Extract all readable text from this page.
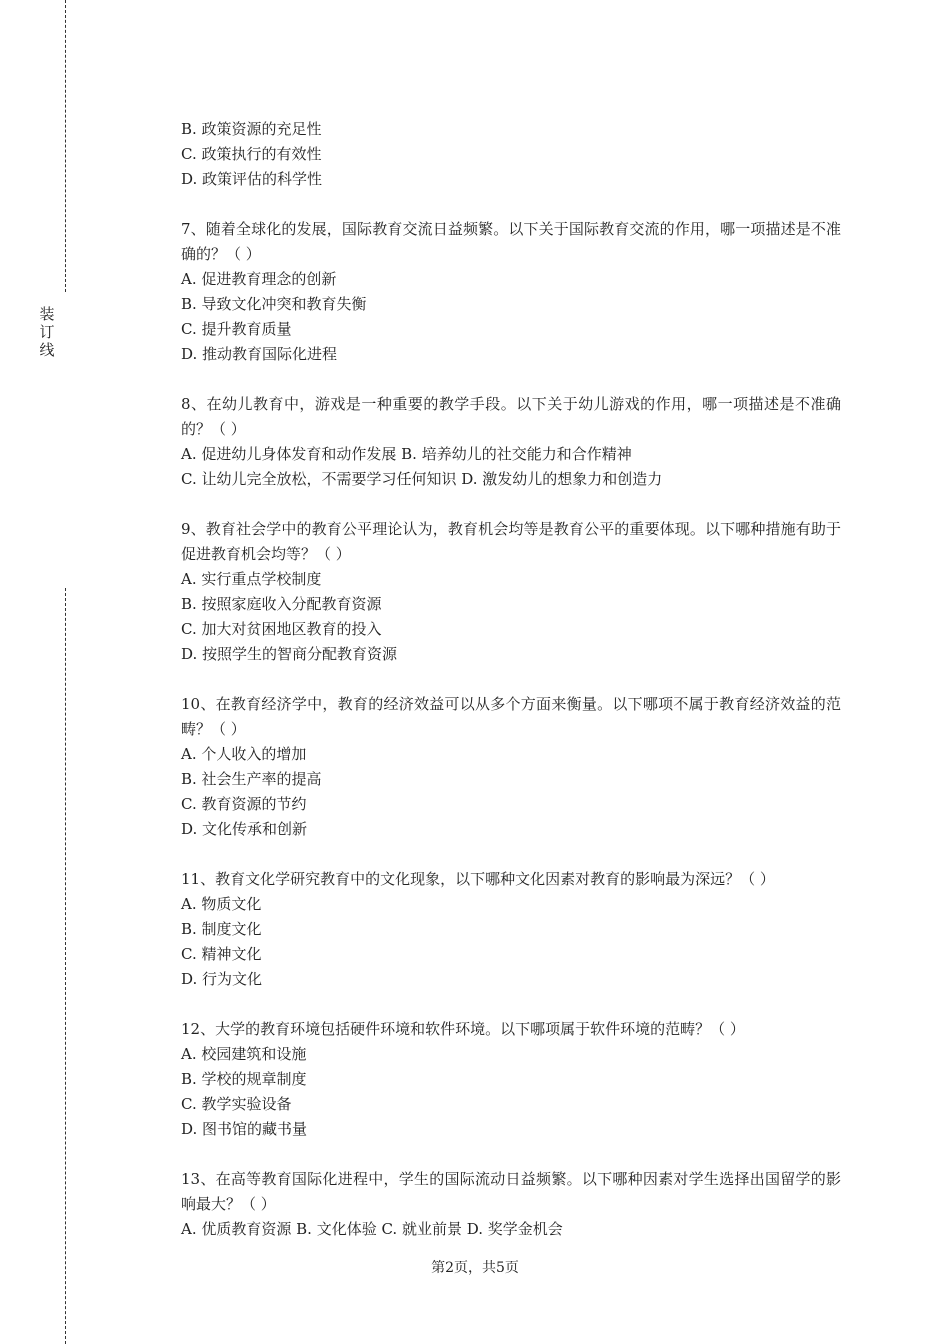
装
订
线
B. 政策资源的充足性
C. 政策执行的有效性
D. 政策评估的科学性
7、随着全球化的发展，国际教育交流日益频繁。以下关于国际教育交流的作用，哪一项描述是不准确的？（ ）
A. 促进教育理念的创新
B. 导致文化冲突和教育失衡
C. 提升教育质量
D. 推动教育国际化进程
8、在幼儿教育中，游戏是一种重要的教学手段。以下关于幼儿游戏的作用，哪一项描述是不准确的？（ ）
A. 促进幼儿身体发育和动作发展 B. 培养幼儿的社交能力和合作精神
C. 让幼儿完全放松，不需要学习任何知识 D. 激发幼儿的想象力和创造力
9、教育社会学中的教育公平理论认为，教育机会均等是教育公平的重要体现。以下哪种措施有助于促进教育机会均等？（ ）
A. 实行重点学校制度
B. 按照家庭收入分配教育资源
C. 加大对贫困地区教育的投入
D. 按照学生的智商分配教育资源
10、在教育经济学中，教育的经济效益可以从多个方面来衡量。以下哪项不属于教育经济效益的范畴？（ ）
A. 个人收入的增加
B. 社会生产率的提高
C. 教育资源的节约
D. 文化传承和创新
11、教育文化学研究教育中的文化现象，以下哪种文化因素对教育的影响最为深远？（ ）
A. 物质文化
B. 制度文化
C. 精神文化
D. 行为文化
12、大学的教育环境包括硬件环境和软件环境。以下哪项属于软件环境的范畴？（ ）
A. 校园建筑和设施
B. 学校的规章制度
C. 教学实验设备
D. 图书馆的藏书量
13、在高等教育国际化进程中，学生的国际流动日益频繁。以下哪种因素对学生选择出国留学的影响最大？（ ）
A. 优质教育资源 B. 文化体验 C. 就业前景 D. 奖学金机会
第2页，共5页
